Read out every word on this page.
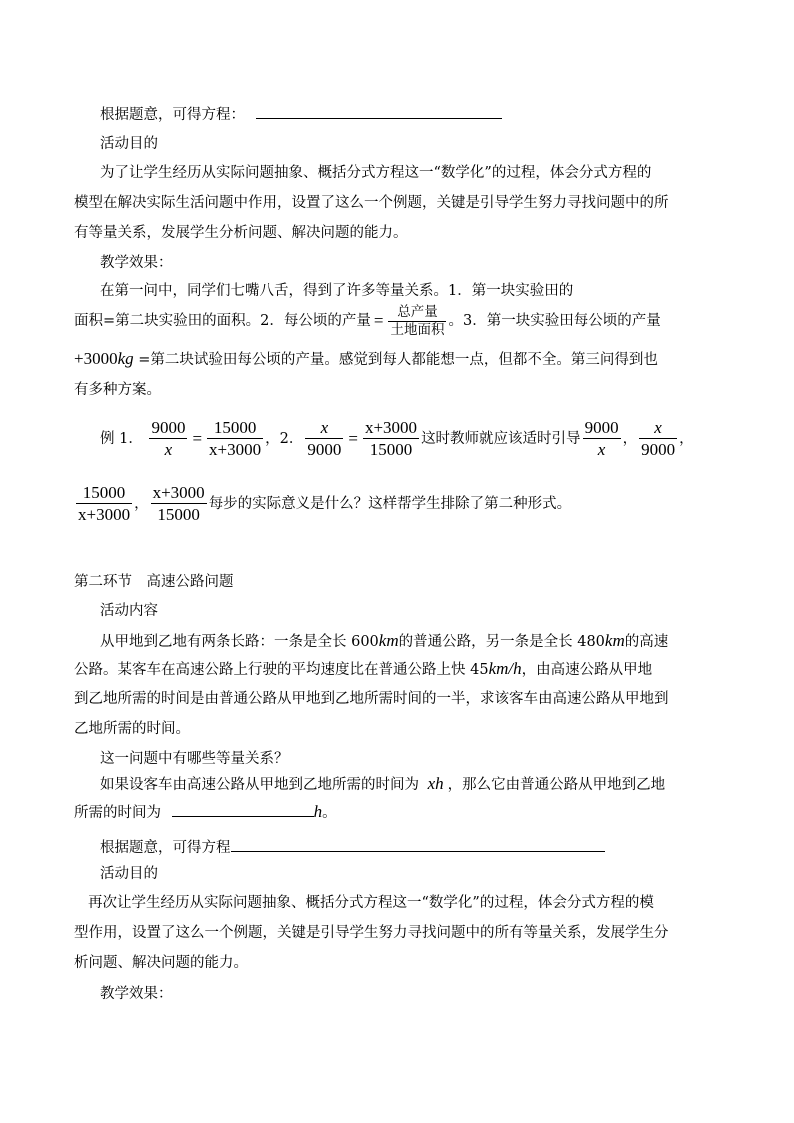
根据题意，可得方程：
活动目的
为了让学生经历从实际问题抽象、概括分式方程这一“数学化”的过程，体会分式方程的
模型在解决实际生活问题中作用，设置了这么一个例题，关键是引导学生努力寻找问题中的所
有等量关系，发展学生分析问题、解决问题的能力。
教学效果：
在第一问中，同学们七嘴八舌，得到了许多等量关系。1．第一块实验田的
面积=第二块实验田的面积。2．每公顷的产量 = $\frac{\text{总产量}}{\text{土地面积}}$ 。3．第一块实验田每公顷的产量
+3000kg =第二块试验田每公顷的产量。感觉到每人都能想一点，但都不全。第三问得到也
有多种方案。
例 1． $\frac{9000}{x} = \frac{15000}{x+3000}$ ，2． $\frac{x}{9000} = \frac{x+3000}{15000}$ 这时教师就应该适时引导 $\frac{9000}{x}$ ， $\frac{x}{9000}$ ，
$\frac{15000}{x+3000}$ ， $\frac{x+3000}{15000}$ 每步的实际意义是什么？这样帮学生排除了第二种形式。
第二环节　高速公路问题
活动内容
从甲地到乙地有两条长路：一条是全长 600km的普通公路，另一条是全长 480km的高速
公路。某客车在高速公路上行驶的平均速度比在普通公路上快 45km/h，由高速公路从甲地
到乙地所需的时间是由普通公路从甲地到乙地所需时间的一半，求该客车由高速公路从甲地到
乙地所需的时间。
这一问题中有哪些等量关系？
如果设客车由高速公路从甲地到乙地所需的时间为 xh ，那么它由普通公路从甲地到乙地
所需的时间为	h。
根据题意，可得方程
活动目的
再次让学生经历从实际问题抽象、概括分式方程这一“数学化”的过程，体会分式方程的模
型作用，设置了这么一个例题，关键是引导学生努力寻找问题中的所有等量关系，发展学生分
析问题、解决问题的能力。
教学效果：
